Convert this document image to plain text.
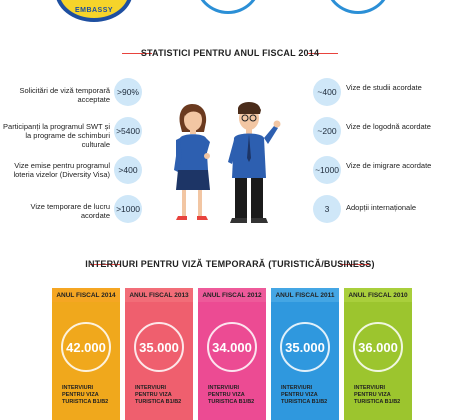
EMBASSY
STATISTICI PENTRU ANUL FISCAL 2014
Solicitări de viză temporară acceptate
>90%
Participanți la programul SWT și la programe de schimburi culturale
>5400
Vize emise pentru programul loteria vizelor (Diversity Visa) >400
Vize temporare de lucru acordate
>1000
~400	Vize de studii acordate
~200	Vize de logodnă acordate
~1000 Vize de imigrare acordate
3	Adopții internaționale
INTERVIURI PENTRU VIZĂ TEMPORARĂ (TURISTICĂ/BUSINESS)
ANUL FISCAL 2014
42.000
INTERVIURI PENTRU VIZA TURISTICA B1/B2
ANUL FISCAL 2013
35.000
INTERVIURI PENTRU VIZA TURISTICA B1/B2
ANUL FISCAL 2012
34.000
INTERVIURI PENTRU VIZA TURISTICA B1/B2
ANUL FISCAL 2011
35.000
INTERVIURI PENTRU VIZA TURISTICA B1/B2
ANUL FISCAL 2010
36.000
INTERVIURI PENTRU VIZA TURISTICA B1/B2
